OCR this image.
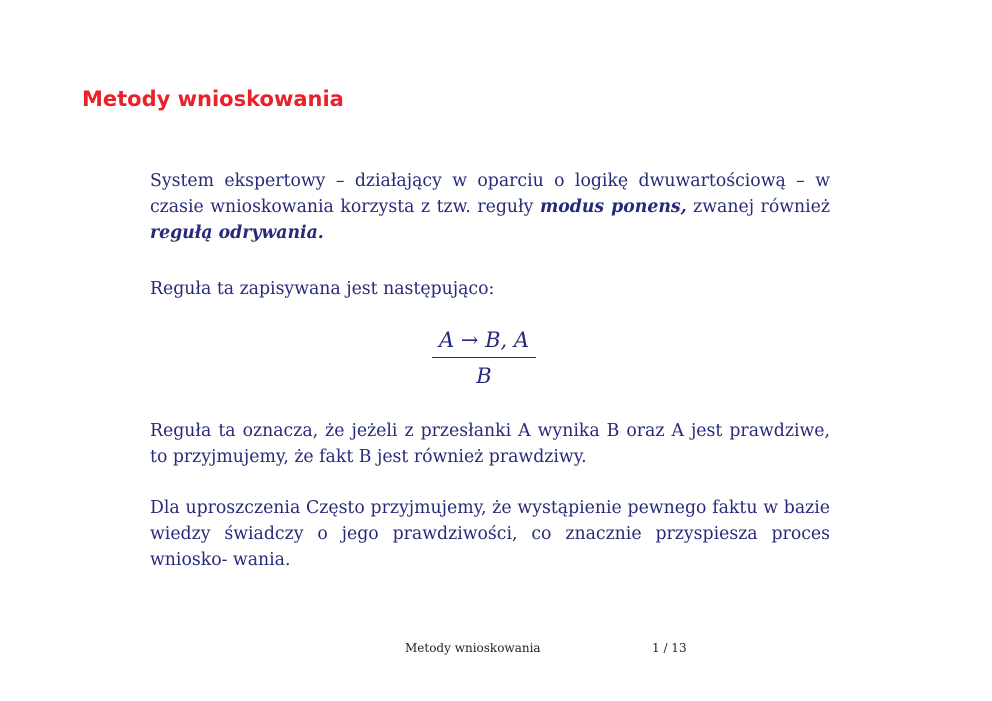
Metody wnioskowania

System ekspertowy – działający w oparciu o logikę dwuwartościową – w czasie wnioskowania korzysta z tzw. reguły modus ponens, zwanej również regułą odrywania.

Reguła ta zapisywana jest następująco:

A → B, A
B

Reguła ta oznacza, że jeżeli z przesłanki A wynika B oraz A jest prawdziwe, to przyjmujemy, że fakt B jest również prawdziwy.

Dla uproszczenia Często przyjmujemy, że wystąpienie pewnego faktu w bazie wiedzy świadczy o jego prawdziwości, co znacznie przyspiesza proces wniosko- wania.

Metody wnioskowania	1 / 13
